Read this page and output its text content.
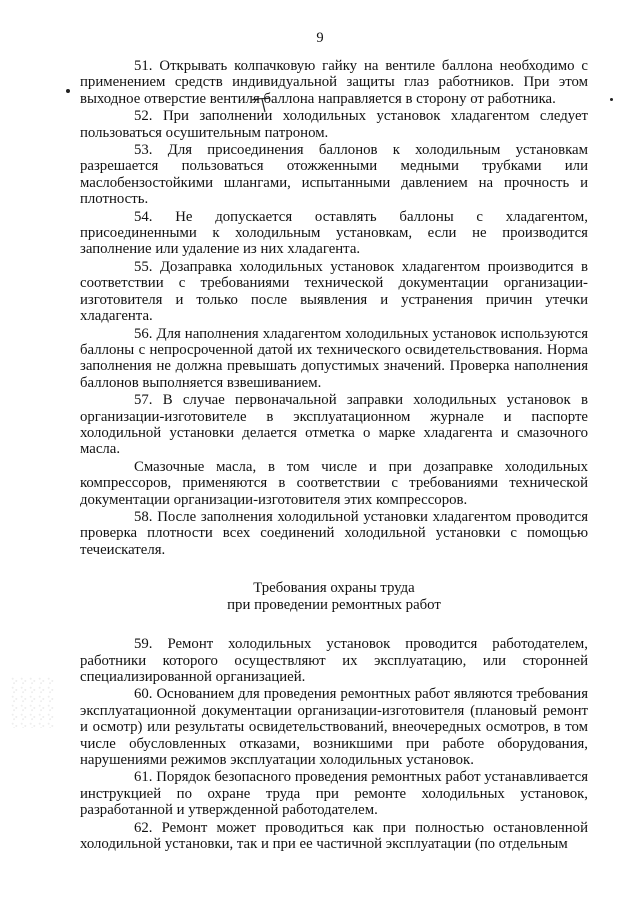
9

51. Открывать колпачковую гайку на вентиле баллона необходимо с применением средств индивидуальной защиты глаз работников. При этом выходное отверстие вентиля баллона направляется в сторону от работника.

52. При заполнении холодильных установок хладагентом следует пользоваться осушительным патроном.

53. Для присоединения баллонов к холодильным установкам разрешается пользоваться отожженными медными трубками или маслобензостойкими шлангами, испытанными давлением на прочность и плотность.

54. Не допускается оставлять баллоны с хладагентом, присоединенными к холодильным установкам, если не производится заполнение или удаление из них хладагента.

55. Дозаправка холодильных установок хладагентом производится в соответствии с требованиями технической документации организации-изготовителя и только после выявления и устранения причин утечки хладагента.

56. Для наполнения хладагентом холодильных установок используются баллоны с непросроченной датой их технического освидетельствования. Норма заполнения не должна превышать допустимых значений. Проверка наполнения баллонов выполняется взвешиванием.

57. В случае первоначальной заправки холодильных установок в организации-изготовителе в эксплуатационном журнале и паспорте холодильной установки делается отметка о марке хладагента и смазочного масла.

Смазочные масла, в том числе и при дозаправке холодильных компрессоров, применяются в соответствии с требованиями технической документации организации-изготовителя этих компрессоров.

58. После заполнения холодильной установки хладагентом проводится проверка плотности всех соединений холодильной установки с помощью течеискателя.

Требования охраны труда
при проведении ремонтных работ

59. Ремонт холодильных установок проводится работодателем, работники которого осуществляют их эксплуатацию, или сторонней специализированной организацией.

60. Основанием для проведения ремонтных работ являются требования эксплуатационной документации организации-изготовителя (плановый ремонт и осмотр) или результаты освидетельствований, внеочередных осмотров, в том числе обусловленных отказами, возникшими при работе оборудования, нарушениями режимов эксплуатации холодильных установок.

61. Порядок безопасного проведения ремонтных работ устанавливается инструкцией по охране труда при ремонте холодильных установок, разработанной и утвержденной работодателем.

62. Ремонт может проводиться как при полностью остановленной холодильной установки, так и при ее частичной эксплуатации (по отдельным
